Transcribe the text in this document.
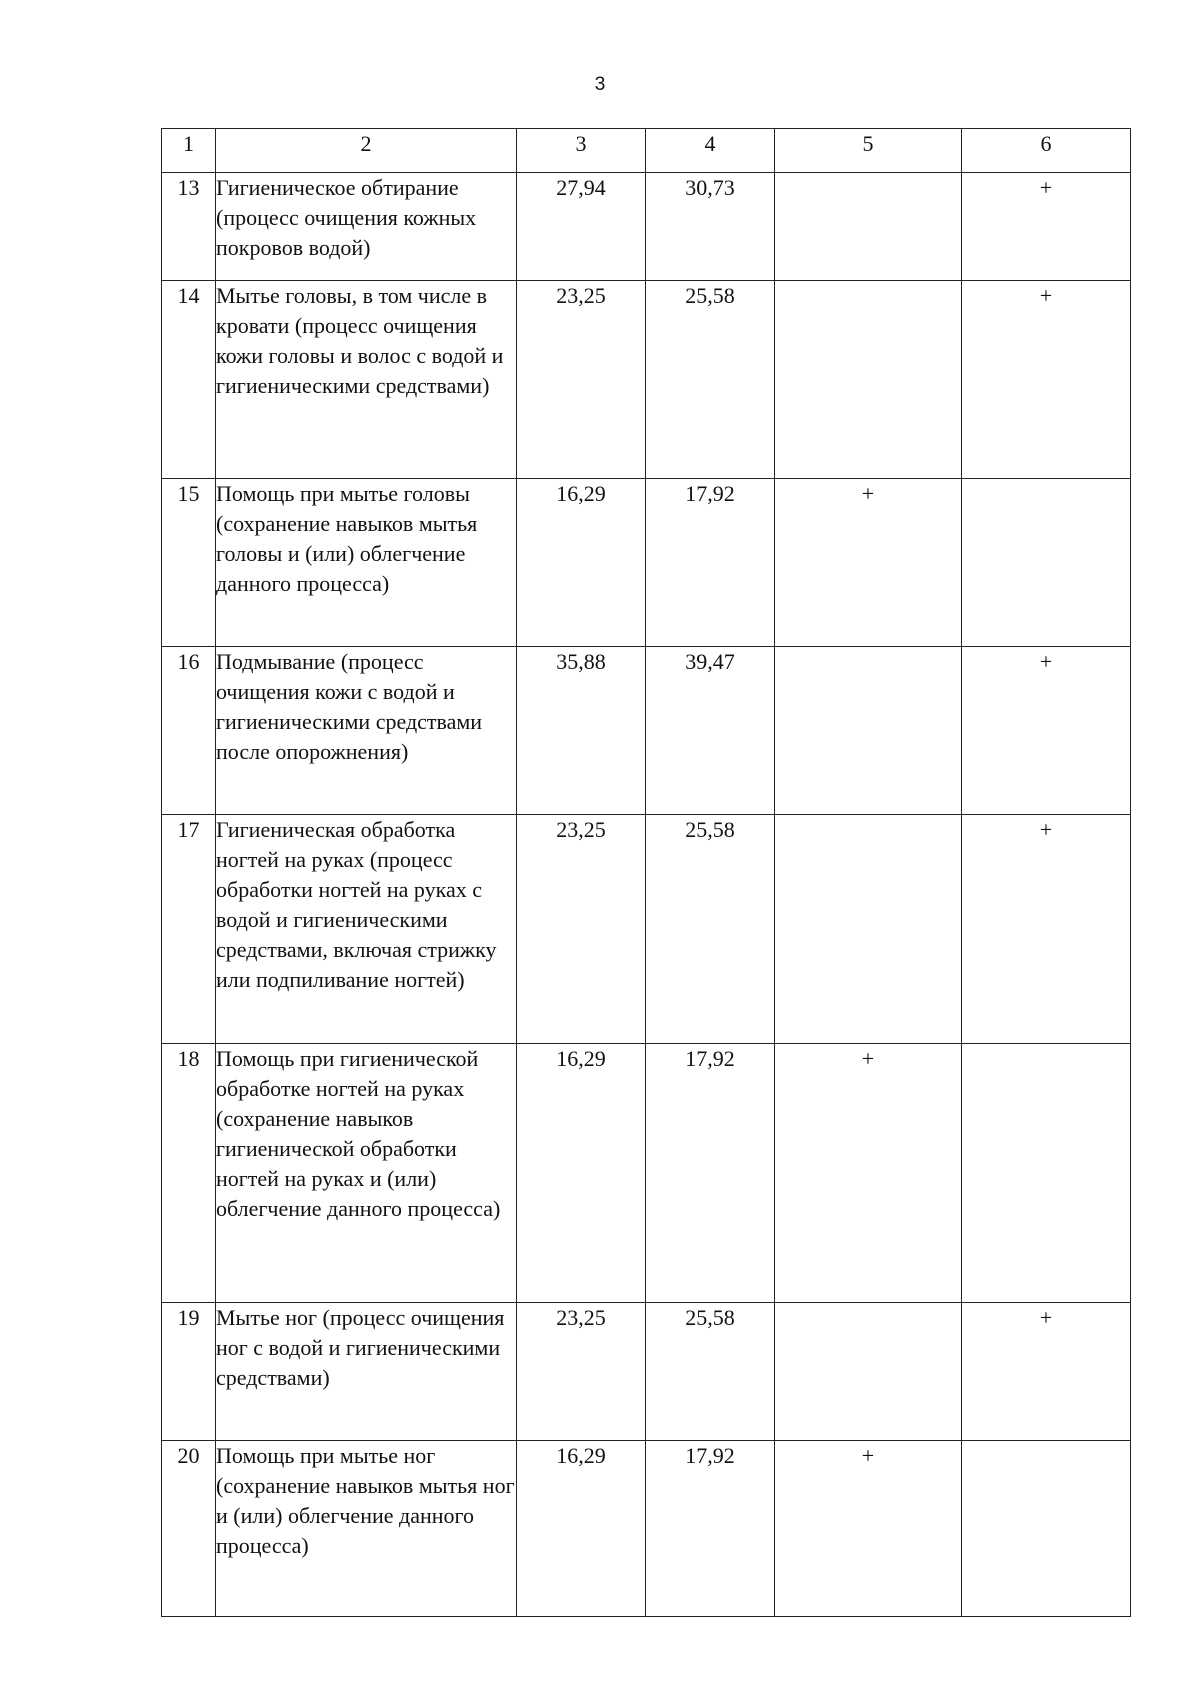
3
1	2	3	4	5	6
13	Гигиеническое обтирание (процесс очищения кожных покровов водой)	27,94	30,73		+
14	Мытье головы, в том числе в кровати (процесс очищения кожи головы и волос с водой и гигиеническими средствами)	23,25	25,58		+
15	Помощь при мытье головы (сохранение навыков мытья головы и (или) облегчение данного процесса)	16,29	17,92	+	
16	Подмывание (процесс очищения кожи с водой и гигиеническими средствами после опорожнения)	35,88	39,47		+
17	Гигиеническая обработка ногтей на руках (процесс обработки ногтей на руках с водой и гигиеническими средствами, включая стрижку или подпиливание ногтей)	23,25	25,58		+
18	Помощь при гигиенической обработке ногтей на руках (сохранение навыков гигиенической обработки ногтей на руках и (или) облегчение данного процесса)	16,29	17,92	+	
19	Мытье ног (процесс очищения ног с водой и гигиеническими средствами)	23,25	25,58		+
20	Помощь при мытье ног (сохранение навыков мытья ног и (или) облегчение данного процесса)	16,29	17,92	+	
